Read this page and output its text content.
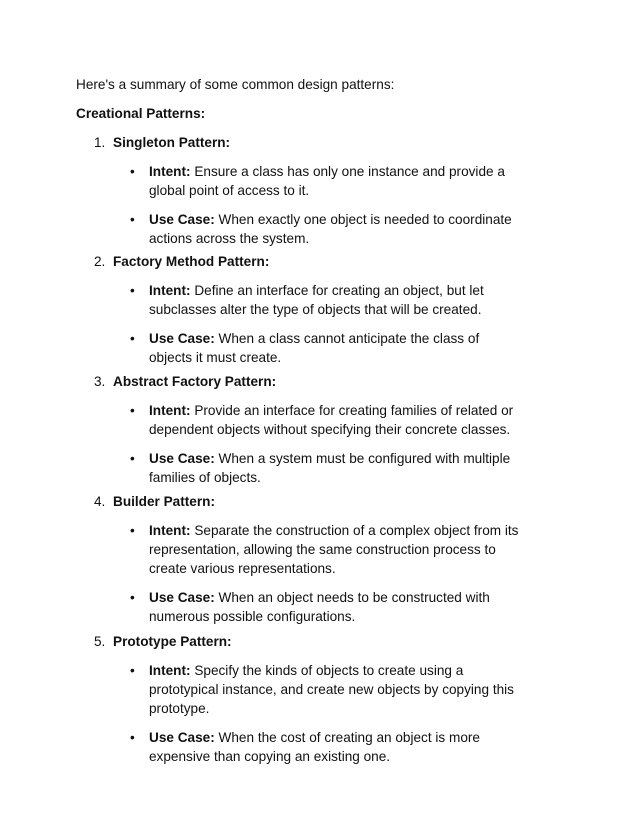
Here's a summary of some common design patterns:
Creational Patterns:
1. Singleton Pattern:
• Intent: Ensure a class has only one instance and provide a global point of access to it.
• Use Case: When exactly one object is needed to coordinate actions across the system.
2. Factory Method Pattern:
• Intent: Define an interface for creating an object, but let subclasses alter the type of objects that will be created.
• Use Case: When a class cannot anticipate the class of objects it must create.
3. Abstract Factory Pattern:
• Intent: Provide an interface for creating families of related or dependent objects without specifying their concrete classes.
• Use Case: When a system must be configured with multiple families of objects.
4. Builder Pattern:
• Intent: Separate the construction of a complex object from its representation, allowing the same construction process to create various representations.
• Use Case: When an object needs to be constructed with numerous possible configurations.
5. Prototype Pattern:
• Intent: Specify the kinds of objects to create using a prototypical instance, and create new objects by copying this prototype.
• Use Case: When the cost of creating an object is more expensive than copying an existing one.
